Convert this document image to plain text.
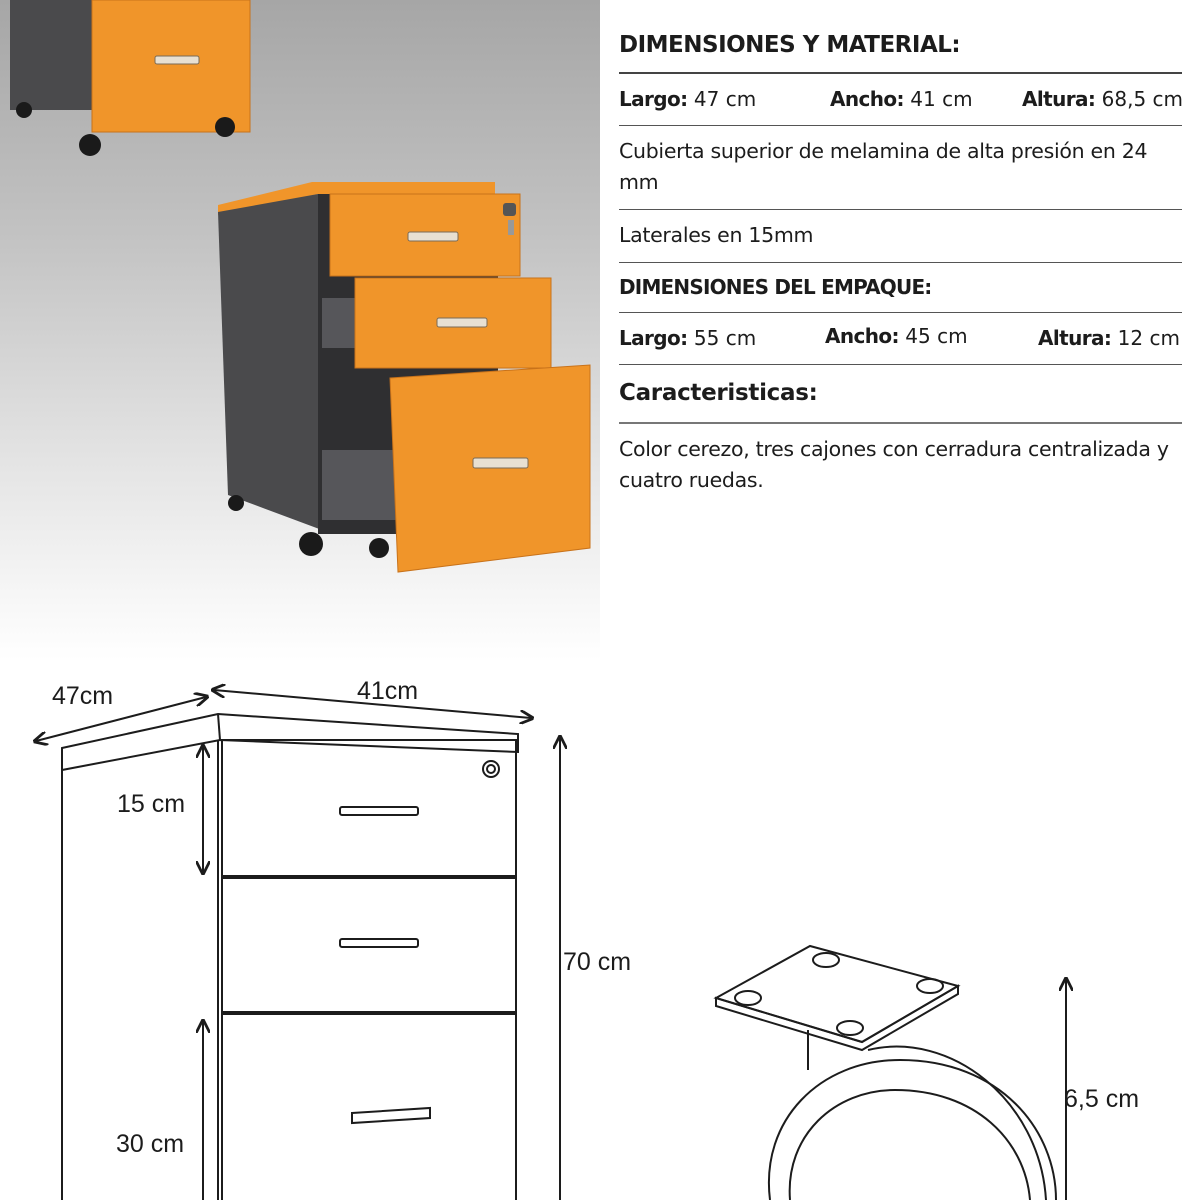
DIMENSIONES Y MATERIAL:
Largo: 47 cm	Ancho: 41 cm Altura: 68,5 cm
Cubierta superior de melamina de alta presión en 24 mm
Laterales en 15mm
DIMENSIONES DEL EMPAQUE:
Largo: 55 cm	Ancho: 45 cm	Altura: 12 cm
Caracteristicas:
Color cerezo, tres cajones con cerradura centralizada y cuatro ruedas.
47cm	41cm
15 cm
30 cm
70 cm
6,5 cm
